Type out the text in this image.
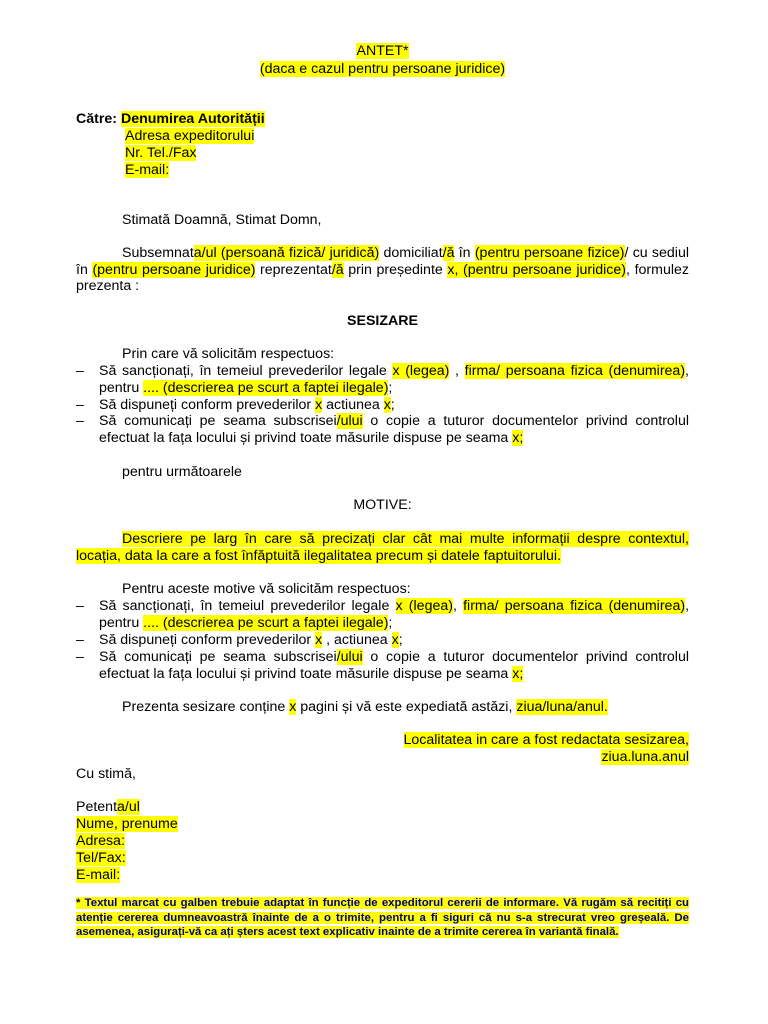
ANTET*
(daca e cazul pentru persoane juridice)
Către: Denumirea Autorității
Adresa expeditorului
Nr. Tel./Fax
E-mail:
Stimată Doamnă, Stimat Domn,
Subsemnata/ul (persoană fizică/ juridică) domiciliat/ă în (pentru persoane fizice)/ cu sediul în (pentru persoane juridice) reprezentat/ă prin președinte x, (pentru persoane juridice), formulez prezenta :
SESIZARE
Prin care vă solicităm respectuos:
– Să sancționați, în temeiul prevederilor legale x (legea) , firma/ persoana fizica (denumirea), pentru .... (descrierea pe scurt a faptei ilegale);
– Să dispuneți conform prevederilor x actiunea x;
– Să comunicați pe seama subscrisei/ului o copie a tuturor documentelor privind controlul efectuat la fața locului și privind toate măsurile dispuse pe seama x;
pentru următoarele
MOTIVE:
Descriere pe larg în care să precizați clar cât mai multe informații despre contextul, locația, data la care a fost înfăptuită ilegalitatea precum și datele faptuitorului.
Pentru aceste motive vă solicităm respectuos:
– Să sancționați, în temeiul prevederilor legale x (legea), firma/ persoana fizica (denumirea), pentru .... (descrierea pe scurt a faptei ilegale);
– Să dispuneți conform prevederilor x , actiunea x;
– Să comunicați pe seama subscrisei/ului o copie a tuturor documentelor privind controlul efectuat la fața locului și privind toate măsurile dispuse pe seama x;
Prezenta sesizare conține x pagini și vă este expediată astăzi, ziua/luna/anul.
Localitatea in care a fost redactata sesizarea,
ziua.luna.anul
Cu stimă,
Petenta/ul
Nume, prenume
Adresa:
Tel/Fax:
E-mail:
* Textul marcat cu galben trebuie adaptat în funcție de expeditorul cererii de informare. Vă rugăm să reciti​ți cu atenție cererea dumneavoastră înainte de a o trimite, pentru a fi siguri că nu s-a strecurat vreo greșeală. De asemenea, asigurați-vă ca ați șters acest text explicativ inainte de a trimite cererea în variantă finală.
